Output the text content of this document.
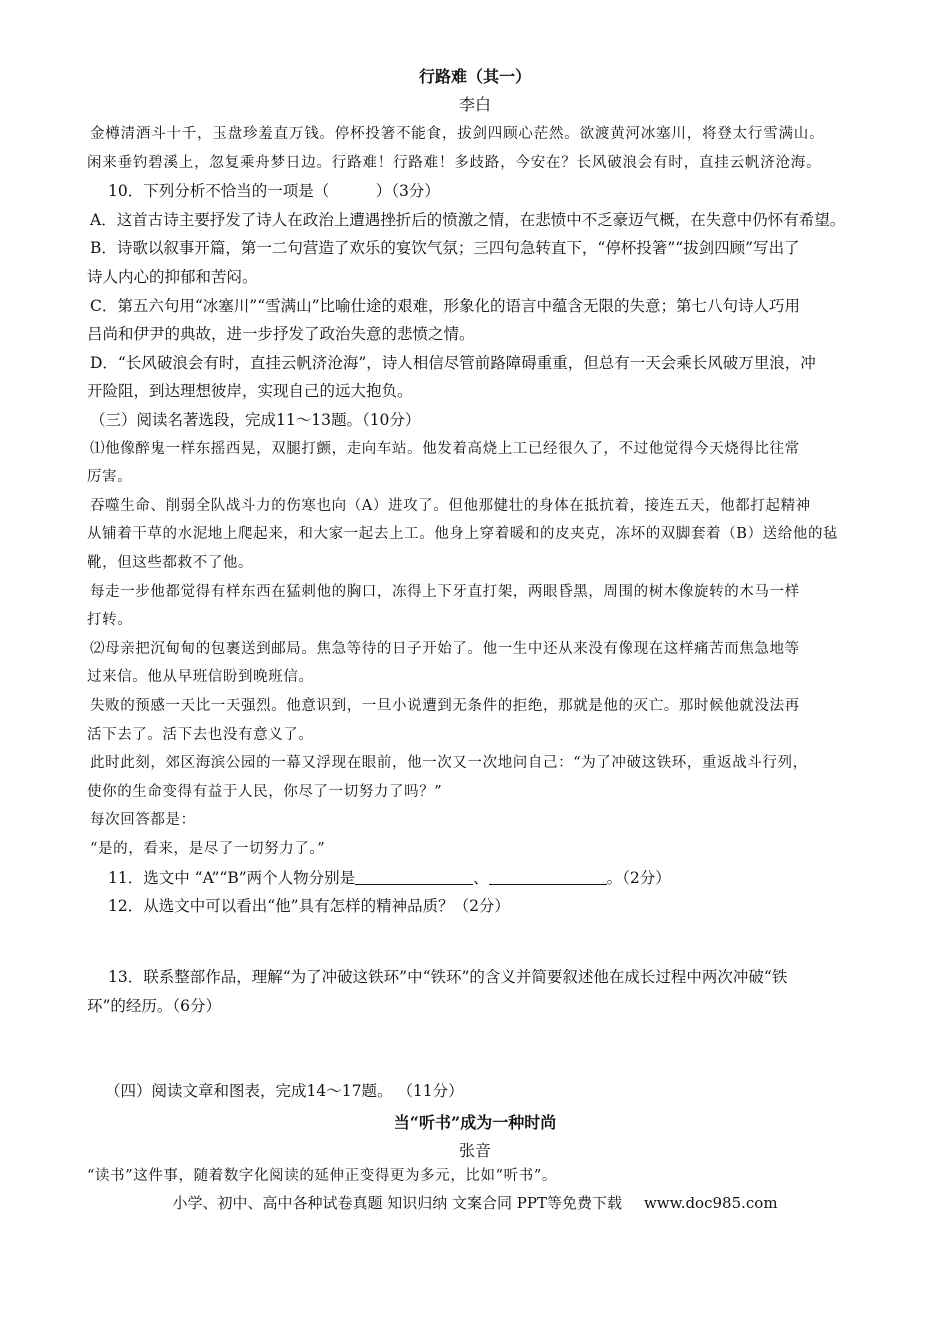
行路难（其一）
李白
金樽清酒斗十千，玉盘珍羞直万钱。停杯投箸不能食，拔剑四顾心茫然。欲渡黄河冰塞川，将登太行雪满山。
闲来垂钓碧溪上，忽复乘舟梦日边。行路难！行路难！多歧路，今安在？长风破浪会有时，直挂云帆济沧海。
10．下列分析不恰当的一项是（　　　）（3分）
A．这首古诗主要抒发了诗人在政治上遭遇挫折后的愤激之情，在悲愤中不乏豪迈气概，在失意中仍怀有希望。
B．诗歌以叙事开篇，第一二句营造了欢乐的宴饮气氛；三四句急转直下，“停杯投箸”“拔剑四顾”写出了
诗人内心的抑郁和苦闷。
C．第五六句用“冰塞川”“雪满山”比喻仕途的艰难，形象化的语言中蕴含无限的失意；第七八句诗人巧用
吕尚和伊尹的典故，进一步抒发了政治失意的悲愤之情。
D．“长风破浪会有时，直挂云帆济沧海”，诗人相信尽管前路障碍重重，但总有一天会乘长风破万里浪，冲
开险阻，到达理想彼岸，实现自己的远大抱负。
（三）阅读名著选段，完成11～13题。（10分）
⑴他像醉鬼一样东摇西晃，双腿打颤，走向车站。他发着高烧上工已经很久了，不过他觉得今天烧得比往常
厉害。
吞噬生命、削弱全队战斗力的伤寒也向（A）进攻了。但他那健壮的身体在抵抗着，接连五天，他都打起精神
从铺着干草的水泥地上爬起来，和大家一起去上工。他身上穿着暖和的皮夹克，冻坏的双脚套着（B）送给他的毡
靴，但这些都救不了他。
每走一步他都觉得有样东西在猛刺他的胸口，冻得上下牙直打架，两眼昏黑，周围的树木像旋转的木马一样
打转。
⑵母亲把沉甸甸的包裹送到邮局。焦急等待的日子开始了。他一生中还从来没有像现在这样痛苦而焦急地等
过来信。他从早班信盼到晚班信。
失败的预感一天比一天强烈。他意识到，一旦小说遭到无条件的拒绝，那就是他的灭亡。那时候他就没法再
活下去了。活下去也没有意义了。
此时此刻，郊区海滨公园的一幕又浮现在眼前，他一次又一次地问自己：“为了冲破这铁环，重返战斗行列，
使你的生命变得有益于人民，你尽了一切努力了吗？”
每次回答都是：
“是的，看来，是尽了一切努力了。”
11．选文中 “A”“B”两个人物分别是	、	。（2分）
12．从选文中可以看出“他”具有怎样的精神品质？（2分）
13．联系整部作品，理解“为了冲破这铁环”中“铁环”的含义并简要叙述他在成长过程中两次冲破“铁
环”的经历。（6分）
（四）阅读文章和图表，完成14～17题。 （11分）
当“听书”成为一种时尚
张音
“读书”这件事，随着数字化阅读的延伸正变得更为多元，比如“听书”。
小学、初中、高中各种试卷真题 知识归纳 文案合同 PPT等免费下载 www.doc985.com
